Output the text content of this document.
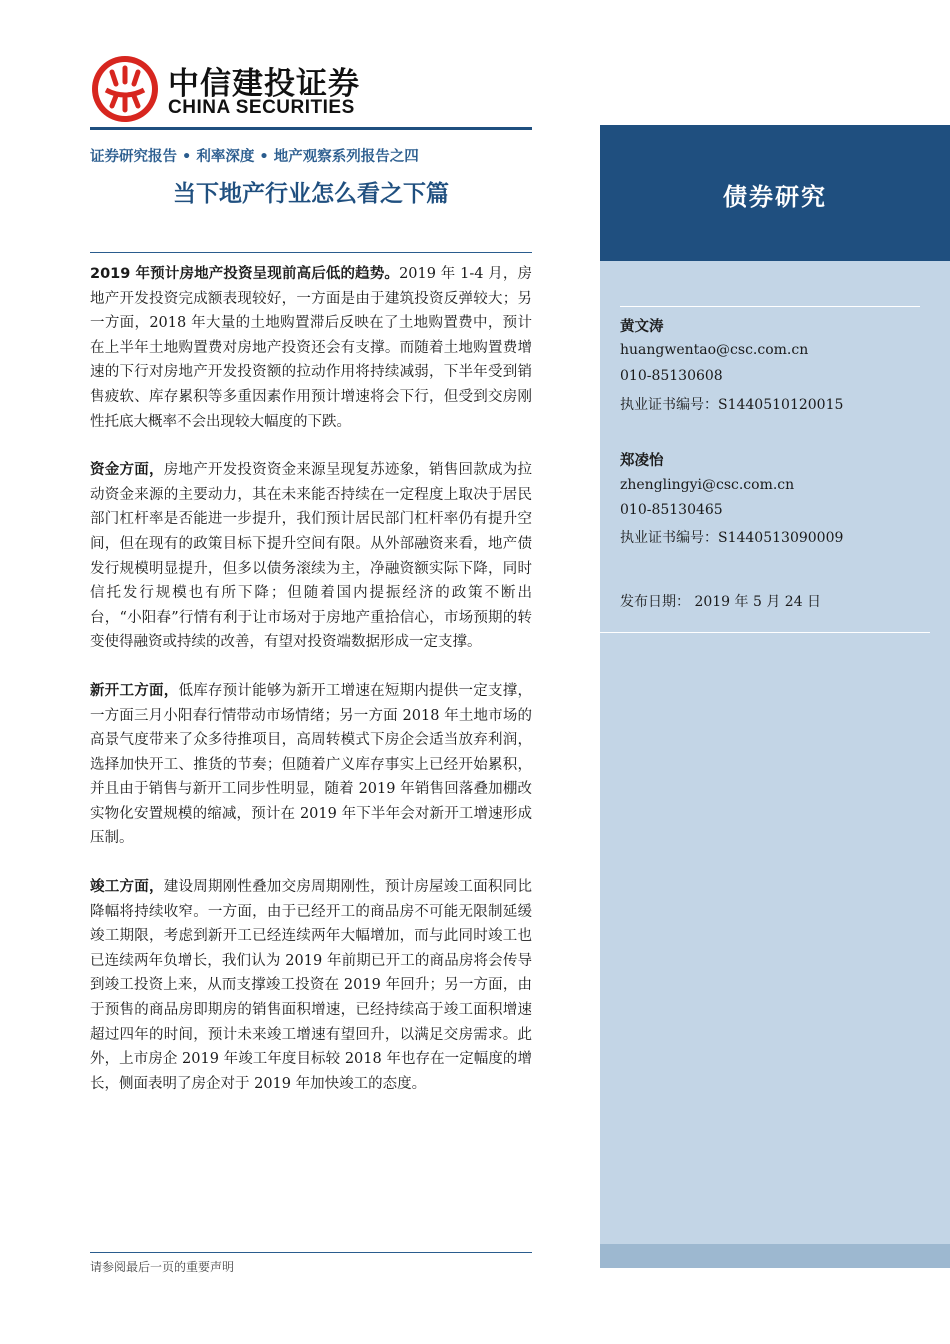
中信建投证券
CHINA SECURITIES
证券研究报告 • 利率深度 • 地产观察系列报告之四
当下地产行业怎么看之下篇

2019 年预计房地产投资呈现前高后低的趋势。2019 年 1-4 月，房地产开发投资完成额表现较好，一方面是由于建筑投资反弹较大；另一方面，2018 年大量的土地购置滞后反映在了土地购置费中，预计在上半年土地购置费对房地产投资还会有支撑。而随着土地购置费增速的下行对房地产开发投资额的拉动作用将持续减弱，下半年受到销售疲软、库存累积等多重因素作用预计增速将会下行，但受到交房刚性托底大概率不会出现较大幅度的下跌。

资金方面，房地产开发投资资金来源呈现复苏迹象，销售回款成为拉动资金来源的主要动力，其在未来能否持续在一定程度上取决于居民部门杠杆率是否能进一步提升，我们预计居民部门杠杆率仍有提升空间，但在现有的政策目标下提升空间有限。从外部融资来看，地产债发行规模明显提升，但多以债务滚续为主，净融资额实际下降，同时信托发行规模也有所下降；但随着国内提振经济的政策不断出台，“小阳春”行情有利于让市场对于房地产重拾信心，市场预期的转变使得融资或持续的改善，有望对投资端数据形成一定支撑。

新开工方面，低库存预计能够为新开工增速在短期内提供一定支撑，一方面三月小阳春行情带动市场情绪；另一方面 2018 年土地市场的高景气度带来了众多待推项目，高周转模式下房企会适当放弃利润，选择加快开工、推货的节奏；但随着广义库存事实上已经开始累积，并且由于销售与新开工同步性明显，随着 2019 年销售回落叠加棚改实物化安置规模的缩减，预计在 2019 年下半年会对新开工增速形成压制。

竣工方面，建设周期刚性叠加交房周期刚性，预计房屋竣工面积同比降幅将持续收窄。一方面，由于已经开工的商品房不可能无限制延缓竣工期限，考虑到新开工已经连续两年大幅增加，而与此同时竣工也已连续两年负增长，我们认为 2019 年前期已开工的商品房将会传导到竣工投资上来，从而支撑竣工投资在 2019 年回升；另一方面，由于预售的商品房即期房的销售面积增速，已经持续高于竣工面积增速超过四年的时间，预计未来竣工增速有望回升，以满足交房需求。此外，上市房企 2019 年竣工年度目标较 2018 年也存在一定幅度的增长，侧面表明了房企对于 2019 年加快竣工的态度。

请参阅最后一页的重要声明
债券研究
黄文涛
huangwentao@csc.com.cn
010-85130608
执业证书编号：S1440510120015
郑凌怡
zhenglingyi@csc.com.cn
010-85130465
执业证书编号：S1440513090009
发布日期： 2019 年 5 月 24 日
